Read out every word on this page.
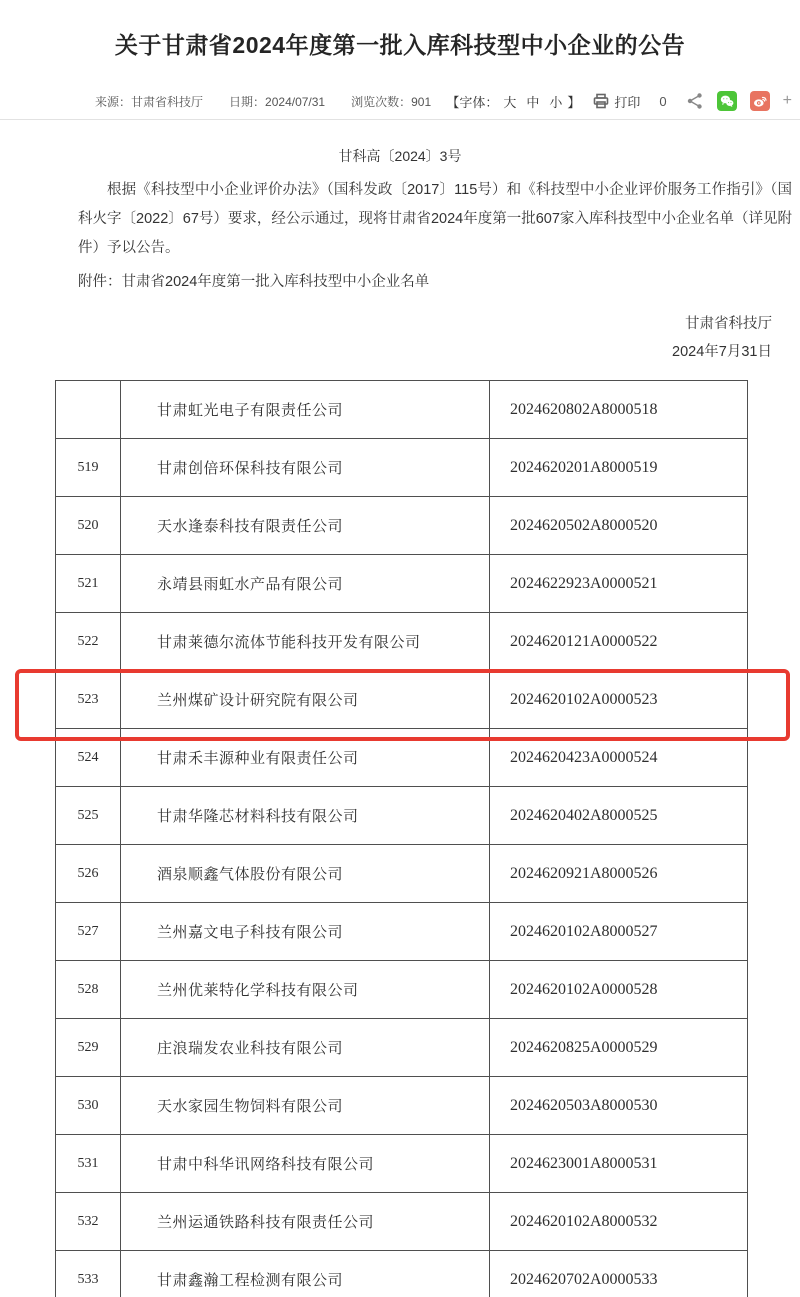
关于甘肃省2024年度第一批入库科技型中小企业的公告
来源：甘肃省科技厅 日期：2024/07/31 浏览次数：901 【字体： 大 中 小 】	打印	0	+
甘科高〔2024〕3号

根据《科技型中小企业评价办法》（国科发政〔2017〕115号）和《科技型中小企业评价服务工作指引》（国科火字〔2022〕67号）要求，经公示通过，现将甘肃省2024年度第一批607家入库科技型中小企业名单（详见附件）予以公告。

附件：甘肃省2024年度第一批入库科技型中小企业名单

甘肃省科技厅
2024年7月31日
	甘肃虹光电子有限责任公司	2024620802A8000518
519	甘肃创倍环保科技有限公司	2024620201A8000519
520	天水逢泰科技有限责任公司	2024620502A8000520
521	永靖县雨虹水产品有限公司	2024622923A0000521
522	甘肃莱德尔流体节能科技开发有限公司	2024620121A0000522
523	兰州煤矿设计研究院有限公司	2024620102A0000523
524	甘肃禾丰源种业有限责任公司	2024620423A0000524
525	甘肃华隆芯材料科技有限公司	2024620402A8000525
526	酒泉顺鑫气体股份有限公司	2024620921A8000526
527	兰州嘉文电子科技有限公司	2024620102A8000527
528	兰州优莱特化学科技有限公司	2024620102A0000528
529	庄浪瑞发农业科技有限公司	2024620825A0000529
530	天水家园生物饲料有限公司	2024620503A8000530
531	甘肃中科华讯网络科技有限公司	2024623001A8000531
532	兰州运通铁路科技有限责任公司	2024620102A8000532
533	甘肃鑫瀚工程检测有限公司	2024620702A0000533
